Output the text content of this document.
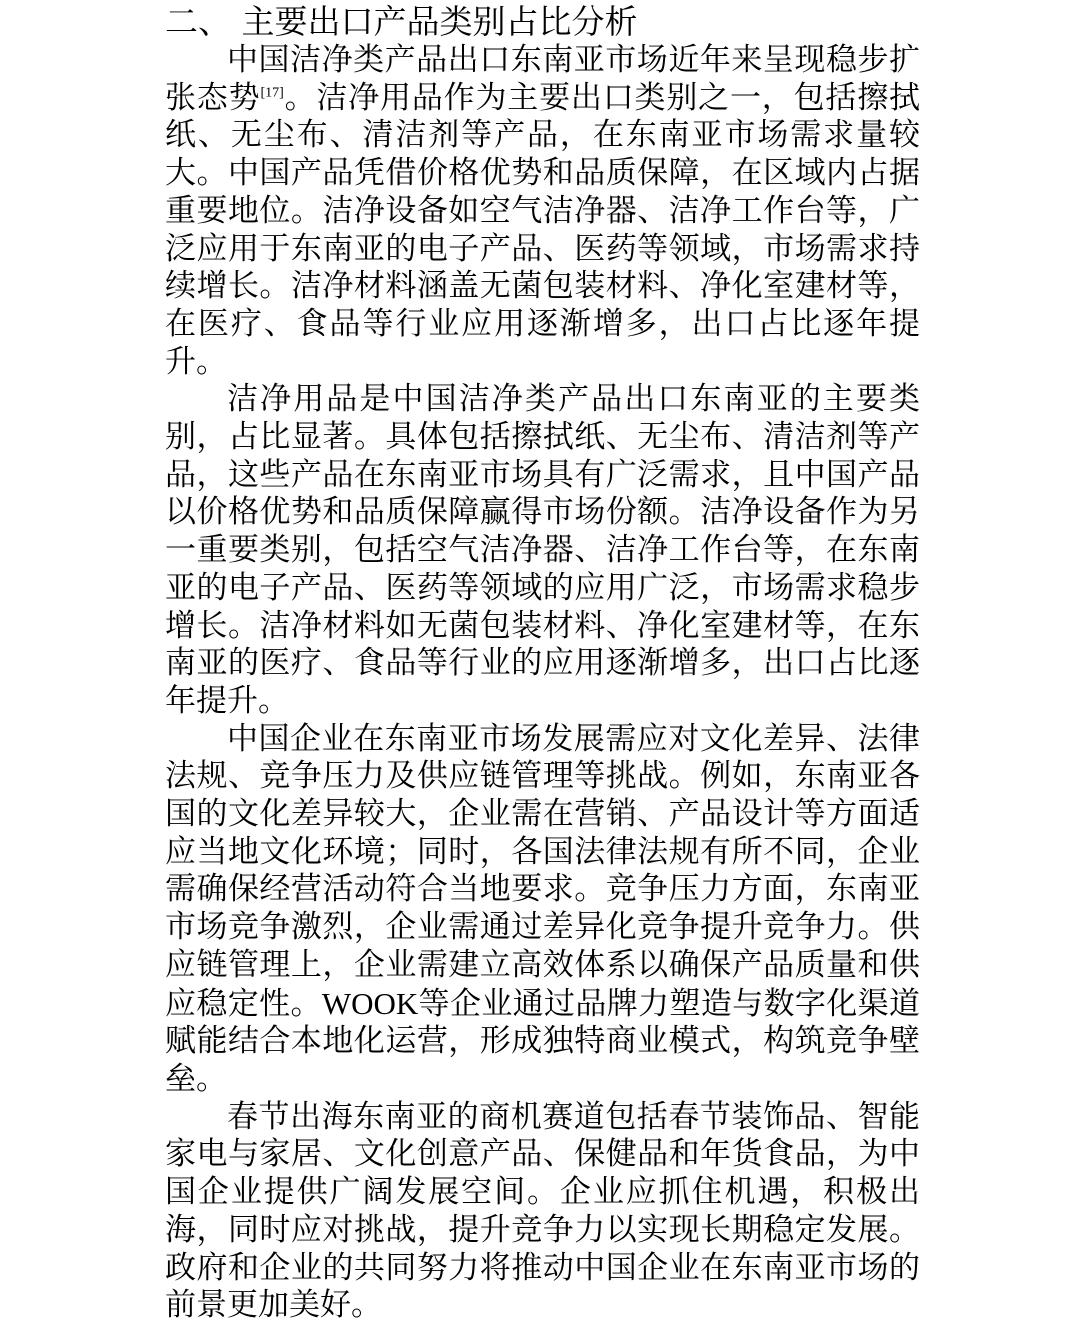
二、 主要出口产品类别占比分析

中国洁净类产品出口东南亚市场近年来呈现稳步扩张态势[17]。洁净用品作为主要出口类别之一，包括擦拭纸、无尘布、清洁剂等产品，在东南亚市场需求量较大。中国产品凭借价格优势和品质保障，在区域内占据重要地位。洁净设备如空气洁净器、洁净工作台等，广泛应用于东南亚的电子产品、医药等领域，市场需求持续增长。洁净材料涵盖无菌包装材料、净化室建材等，在医疗、食品等行业应用逐渐增多，出口占比逐年提升。

洁净用品是中国洁净类产品出口东南亚的主要类别，占比显著。具体包括擦拭纸、无尘布、清洁剂等产品，这些产品在东南亚市场具有广泛需求，且中国产品以价格优势和品质保障赢得市场份额。洁净设备作为另一重要类别，包括空气洁净器、洁净工作台等，在东南亚的电子产品、医药等领域的应用广泛，市场需求稳步增长。洁净材料如无菌包装材料、净化室建材等，在东南亚的医疗、食品等行业的应用逐渐增多，出口占比逐年提升。

中国企业在东南亚市场发展需应对文化差异、法律法规、竞争压力及供应链管理等挑战。例如，东南亚各国的文化差异较大，企业需在营销、产品设计等方面适应当地文化环境；同时，各国法律法规有所不同，企业需确保经营活动符合当地要求。竞争压力方面，东南亚市场竞争激烈，企业需通过差异化竞争提升竞争力。供应链管理上，企业需建立高效体系以确保产品质量和供应稳定性。WOOK等企业通过品牌力塑造与数字化渠道赋能结合本地化运营，形成独特商业模式，构筑竞争壁垒。

春节出海东南亚的商机赛道包括春节装饰品、智能家电与家居、文化创意产品、保健品和年货食品，为中国企业提供广阔发展空间。企业应抓住机遇，积极出海，同时应对挑战，提升竞争力以实现长期稳定发展。政府和企业的共同努力将推动中国企业在东南亚市场的前景更加美好。
